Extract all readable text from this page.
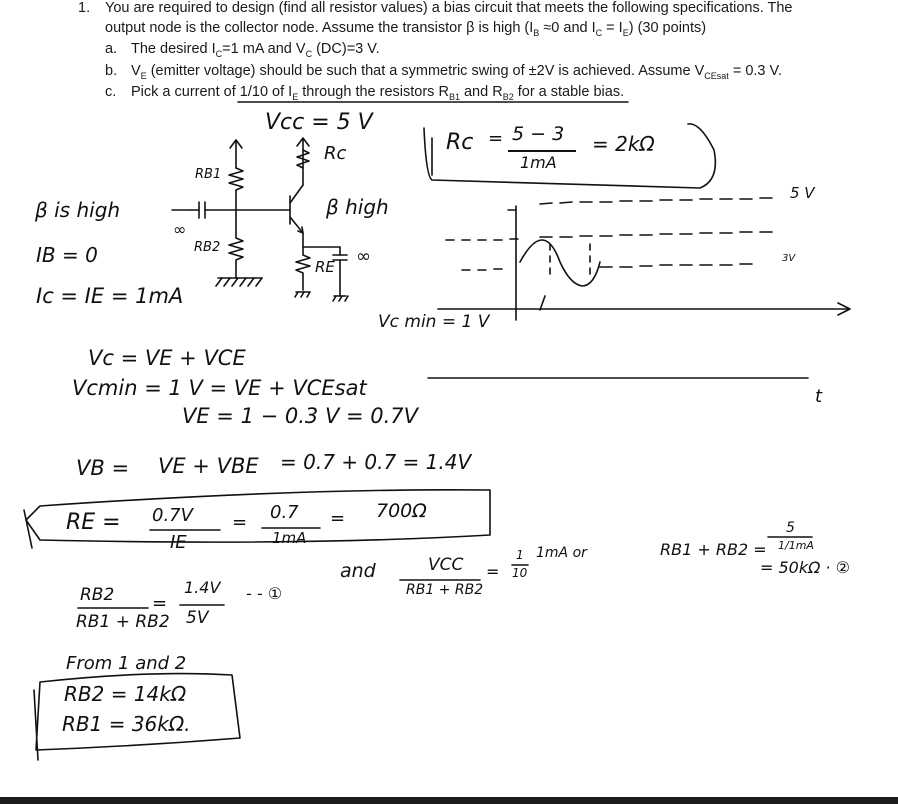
1. You are required to design (find all resistor values) a bias circuit that meets the following specifications. The
output node is the collector node. Assume the transistor β is high ($I_B \approx 0$ and $I_C = I_E$) (30 points)
a. The desired $I_C=1$ mA and $V_C$ (DC)=3 V.
b. $V_E$ (emitter voltage) should be such that a symmetric swing of ±2V is achieved. Assume $V_{CEsat} = 0.3$ V.
c. Pick a current of 1/10 of $I_E$ through the resistors $R_{B1}$ and $R_{B2}$ for a stable bias.
Vcc = 5 V
Rc
RB1
RB2
RE
β high
∞
∞
β is high
IB = 0
Ic = IE = 1mA
Rc = 5 − 3
1mA
= 2kΩ
5 V
3V
Vc min = 1 V
t
Vc = VE + VCE
Vcmin = 1 V = VE + VCEsat
VE = 1 − 0.3 V = 0.7V
VB = VE + VBE = 0.7 + 0.7 = 1.4V
RE = 0.7V
IE
= 0.7
1mA
= 700Ω
RB2
RB1 + RB2
=
1.4V
5V
- - ①
and	VCC
RB1 + RB2
=
1
10
1mA or	RB1 + RB2 =
5
1/1mA
= 50kΩ · ②
From 1 and 2
RB2 = 14kΩ
RB1 = 36kΩ.
